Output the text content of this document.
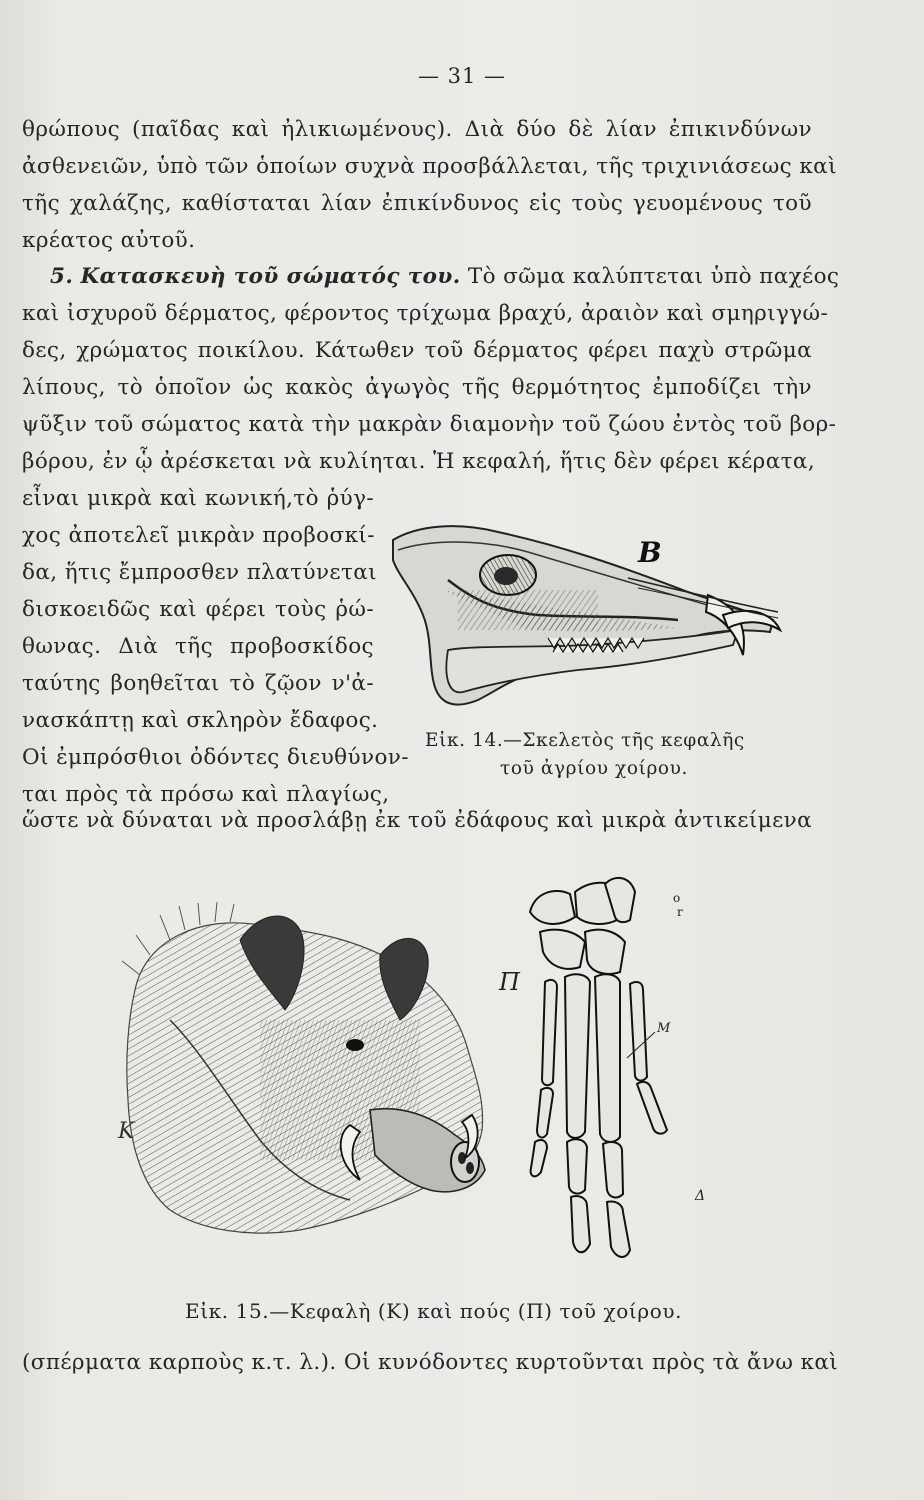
— 31 —
θρώπους (παῖδας καὶ ἠλικιωμένους). Διὰ δύο δὲ λίαν ἐπικινδύνων
ἀσθενειῶν, ὑπὸ τῶν ὁποίων συχνὰ προσβάλλεται, τῆς τριχινιάσεως καὶ
τῆς χαλάζης, καθίσταται λίαν ἐπικίνδυνος εἰς τοὺς γευομένους τοῦ
κρέατος αὐτοῦ.
5. Κατασκευὴ τοῦ σώματός του. Τὸ σῶμα καλύπτεται ὑπὸ παχέος
καὶ ἰσχυροῦ δέρματος, φέροντος τρίχωμα βραχύ, ἀραιὸν καὶ σμηριγγώ-
δες, χρώματος ποικίλου. Κάτωθεν τοῦ δέρματος φέρει παχὺ στρῶμα
λίπους, τὸ ὁποῖον ὡς κακὸς ἀγωγὸς τῆς θερμότητος ἐμποδίζει τὴν
ψῦξιν τοῦ σώματος κατὰ τὴν μακρὰν διαμονὴν τοῦ ζώου ἐντὸς τοῦ βορ-
βόρου, ἐν ᾧ ἀρέσκεται νὰ κυλίηται. Ἡ κεφαλή, ἥτις δὲν φέρει κέρατα,
εἶναι μικρὰ καὶ κωνική,τὸ ῥύγ-
χος ἀποτελεῖ μικρὰν προβοσκί-
δα, ἥτις ἔμπροσθεν πλατύνεται
δισκοειδῶς καὶ φέρει τοὺς ῥώ-
θωνας. Διὰ τῆς προβοσκίδος
ταύτης βοηθεῖται τὸ ζῷον ν'ἀ-
νασκάπτῃ καὶ σκληρὸν ἔδαφος.
Οἱ ἐμπρόσθιοι ὀδόντες διευθύνον-
ται πρὸς τὰ πρόσω καὶ πλαγίως,
B
Εἰκ. 14.—Σκελετὸς τῆς κεφαλῆς
τοῦ ἀγρίου χοίρου.
ὥστε νὰ δύναται νὰ προσλάβῃ ἐκ τοῦ ἐδάφους καὶ μικρὰ ἀντικείμενα
K
Π
M
Δ
ο
r
Εἰκ. 15.—Κεφαλὴ (Κ) καὶ πούς (Π) τοῦ χοίρου.
(σπέρματα καρποὺς κ.τ. λ.). Οἱ κυνόδοντες κυρτοῦνται πρὸς τὰ ἄνω καὶ
